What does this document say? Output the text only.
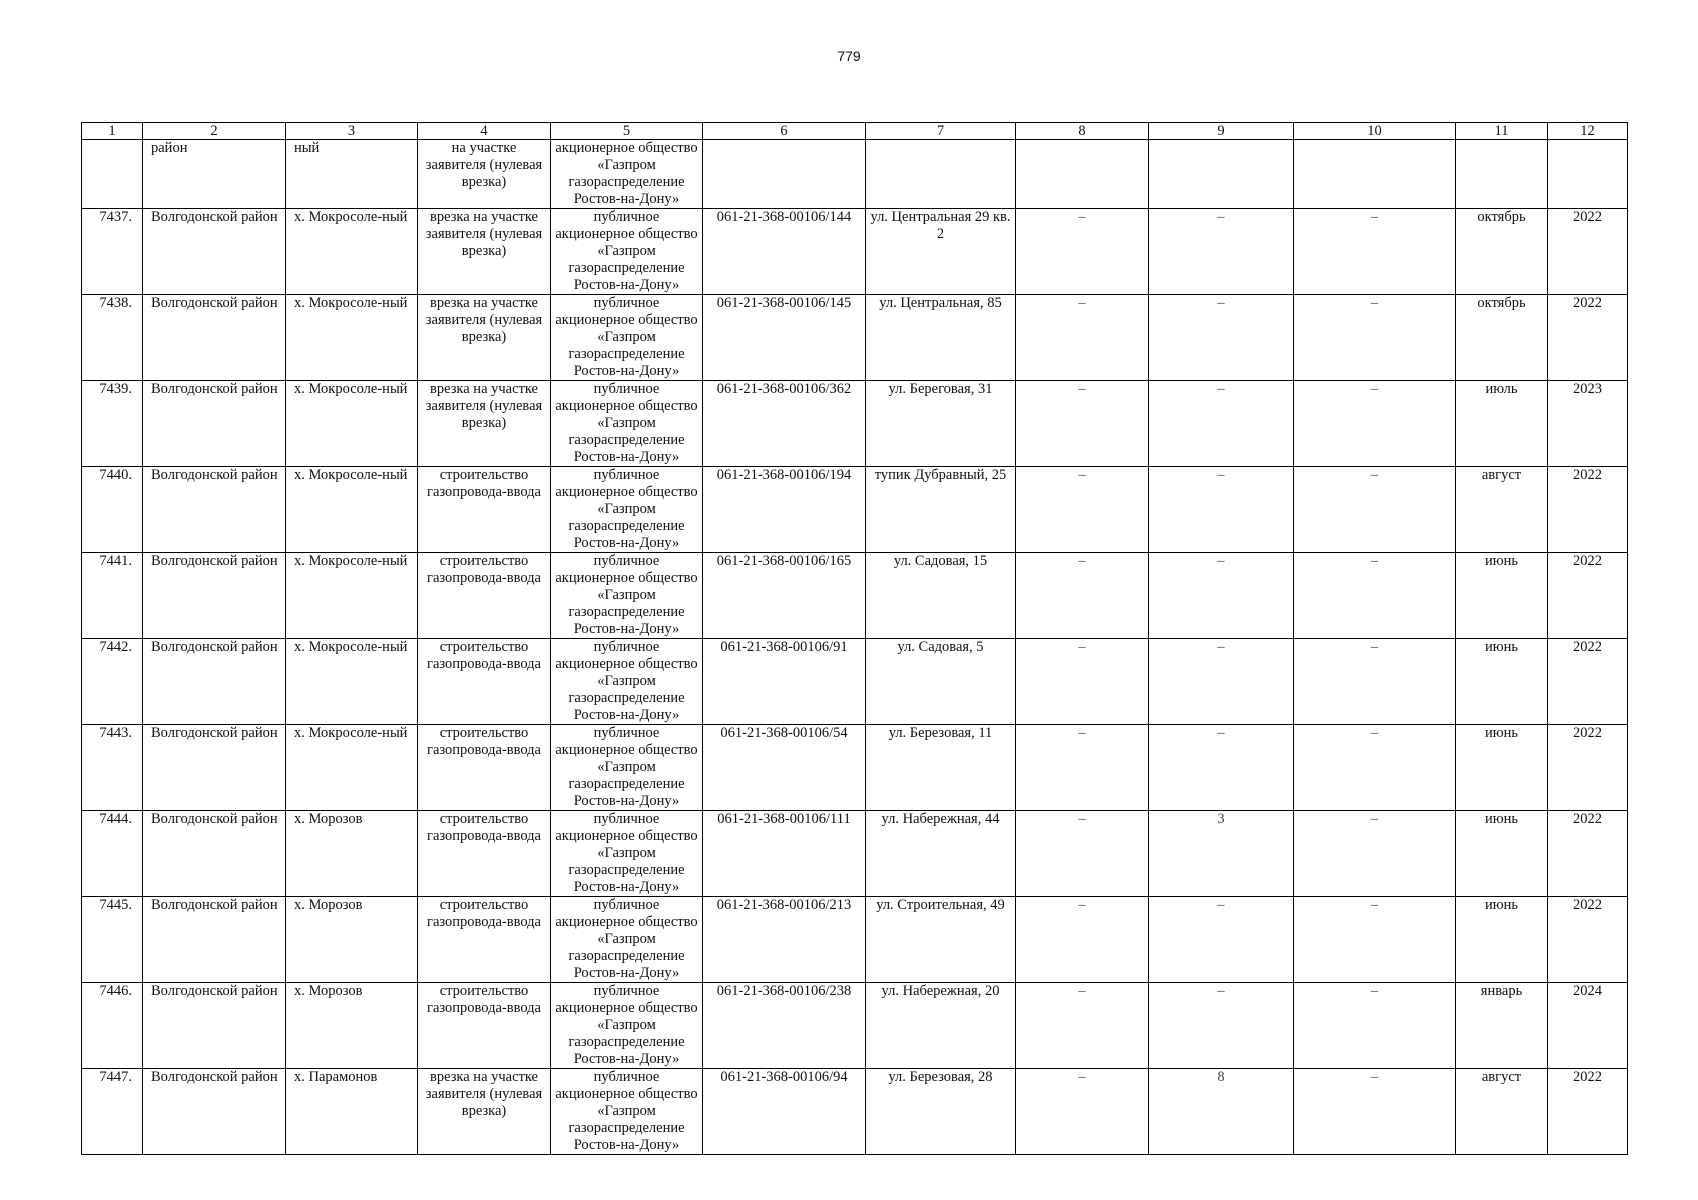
779
1	2	3	4	5	6	7	8	9	10	11	12
	район	ный	на участке заявителя (нулевая врезка)	акционерное общество «Газпром газораспределение Ростов-на-Дону»							
7437.	Волгодонской район	х. Мокросоле-ный	врезка на участке заявителя (нулевая врезка)	публичное акционерное общество «Газпром газораспределение Ростов-на-Дону»	061-21-368-00106/144	ул. Центральная 29 кв. 2	–	–	–	октябрь	2022
7438.	Волгодонской район	х. Мокросоле-ный	врезка на участке заявителя (нулевая врезка)	публичное акционерное общество «Газпром газораспределение Ростов-на-Дону»	061-21-368-00106/145	ул. Центральная, 85	–	–	–	октябрь	2022
7439.	Волгодонской район	х. Мокросоле-ный	врезка на участке заявителя (нулевая врезка)	публичное акционерное общество «Газпром газораспределение Ростов-на-Дону»	061-21-368-00106/362	ул. Береговая, 31	–	–	–	июль	2023
7440.	Волгодонской район	х. Мокросоле-ный	строительство газопровода-ввода	публичное акционерное общество «Газпром газораспределение Ростов-на-Дону»	061-21-368-00106/194	тупик Дубравный, 25	–	–	–	август	2022
7441.	Волгодонской район	х. Мокросоле-ный	строительство газопровода-ввода	публичное акционерное общество «Газпром газораспределение Ростов-на-Дону»	061-21-368-00106/165	ул. Садовая, 15	–	–	–	июнь	2022
7442.	Волгодонской район	х. Мокросоле-ный	строительство газопровода-ввода	публичное акционерное общество «Газпром газораспределение Ростов-на-Дону»	061-21-368-00106/91	ул. Садовая, 5	–	–	–	июнь	2022
7443.	Волгодонской район	х. Мокросоле-ный	строительство газопровода-ввода	публичное акционерное общество «Газпром газораспределение Ростов-на-Дону»	061-21-368-00106/54	ул. Березовая, 11	–	–	–	июнь	2022
7444.	Волгодонской район	х. Морозов	строительство газопровода-ввода	публичное акционерное общество «Газпром газораспределение Ростов-на-Дону»	061-21-368-00106/111	ул. Набережная, 44	–	3	–	июнь	2022
7445.	Волгодонской район	х. Морозов	строительство газопровода-ввода	публичное акционерное общество «Газпром газораспределение Ростов-на-Дону»	061-21-368-00106/213	ул. Строительная, 49	–	–	–	июнь	2022
7446.	Волгодонской район	х. Морозов	строительство газопровода-ввода	публичное акционерное общество «Газпром газораспределение Ростов-на-Дону»	061-21-368-00106/238	ул. Набережная, 20	–	–	–	январь	2024
7447.	Волгодонской район	х. Парамонов	врезка на участке заявителя (нулевая врезка)	публичное акционерное общество «Газпром газораспределение Ростов-на-Дону»	061-21-368-00106/94	ул. Березовая, 28	–	8	–	август	2022
